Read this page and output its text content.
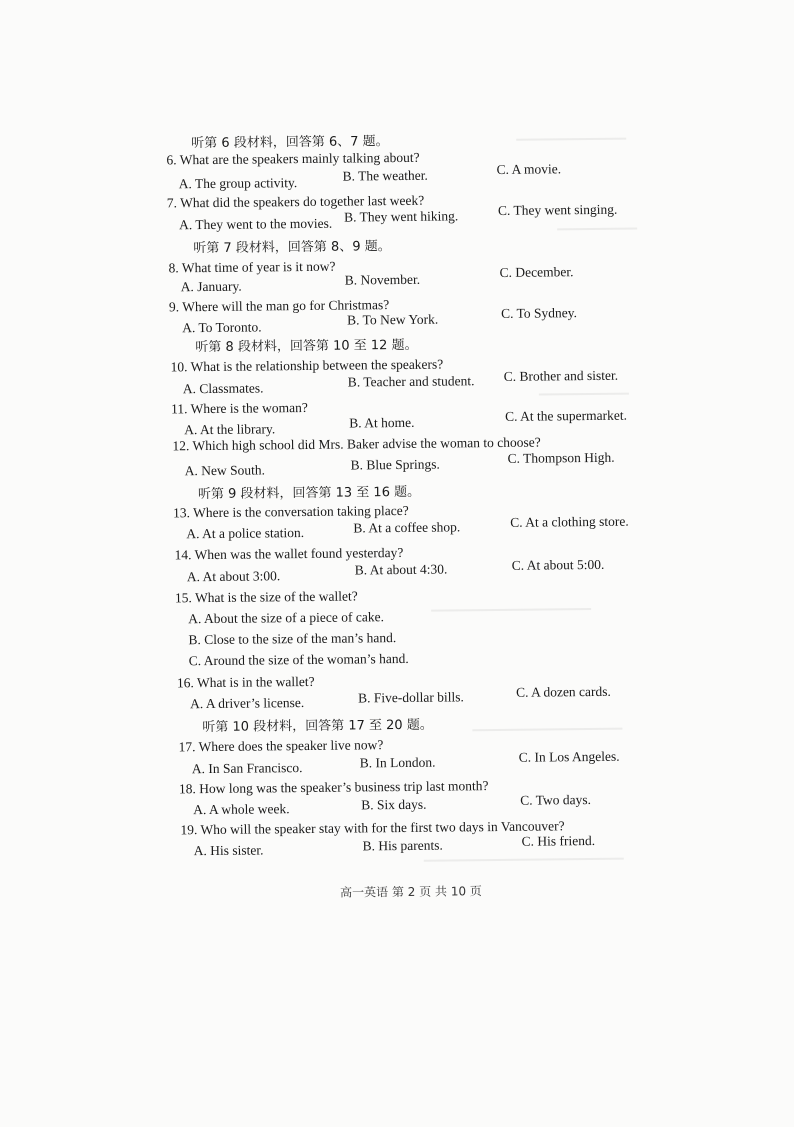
听第 6 段材料，回答第 6、7 题。
6. What are the speakers mainly talking about?
A. The group activity.	B. The weather.	C. A movie.
7. What did the speakers do together last week?
A. They went to the movies. B. They went hiking.	C. They went singing.
听第 7 段材料，回答第 8、9 题。
8. What time of year is it now?
A. January.	B. November.	C. December.
9. Where will the man go for Christmas?
A. To Toronto.	B. To New York.	C. To Sydney.
听第 8 段材料，回答第 10 至 12 题。
10. What is the relationship between the speakers?
A. Classmates.	B. Teacher and student. C. Brother and sister.
11. Where is the woman?
A. At the library.	B. At home.	C. At the supermarket.
12. Which high school did Mrs. Baker advise the woman to choose?
A. New South.	B. Blue Springs.	C. Thompson High.
听第 9 段材料，回答第 13 至 16 题。
13. Where is the conversation taking place?
A. At a police station.	B. At a coffee shop.	C. At a clothing store.
14. When was the wallet found yesterday?
A. At about 3:00.	B. At about 4:30.	C. At about 5:00.
15. What is the size of the wallet?
A. About the size of a piece of cake.
B. Close to the size of the man’s hand.
C. Around the size of the woman’s hand.
16. What is in the wallet?
A. A driver’s license.	B. Five-dollar bills.	C. A dozen cards.
听第 10 段材料，回答第 17 至 20 题。
17. Where does the speaker live now?
A. In San Francisco.	B. In London.	C. In Los Angeles.
18. How long was the speaker’s business trip last month?
A. A whole week.	B. Six days.	C. Two days.
19. Who will the speaker stay with for the first two days in Vancouver?
A. His sister.	B. His parents.	C. His friend.
高一英语 第 2 页 共 10 页
